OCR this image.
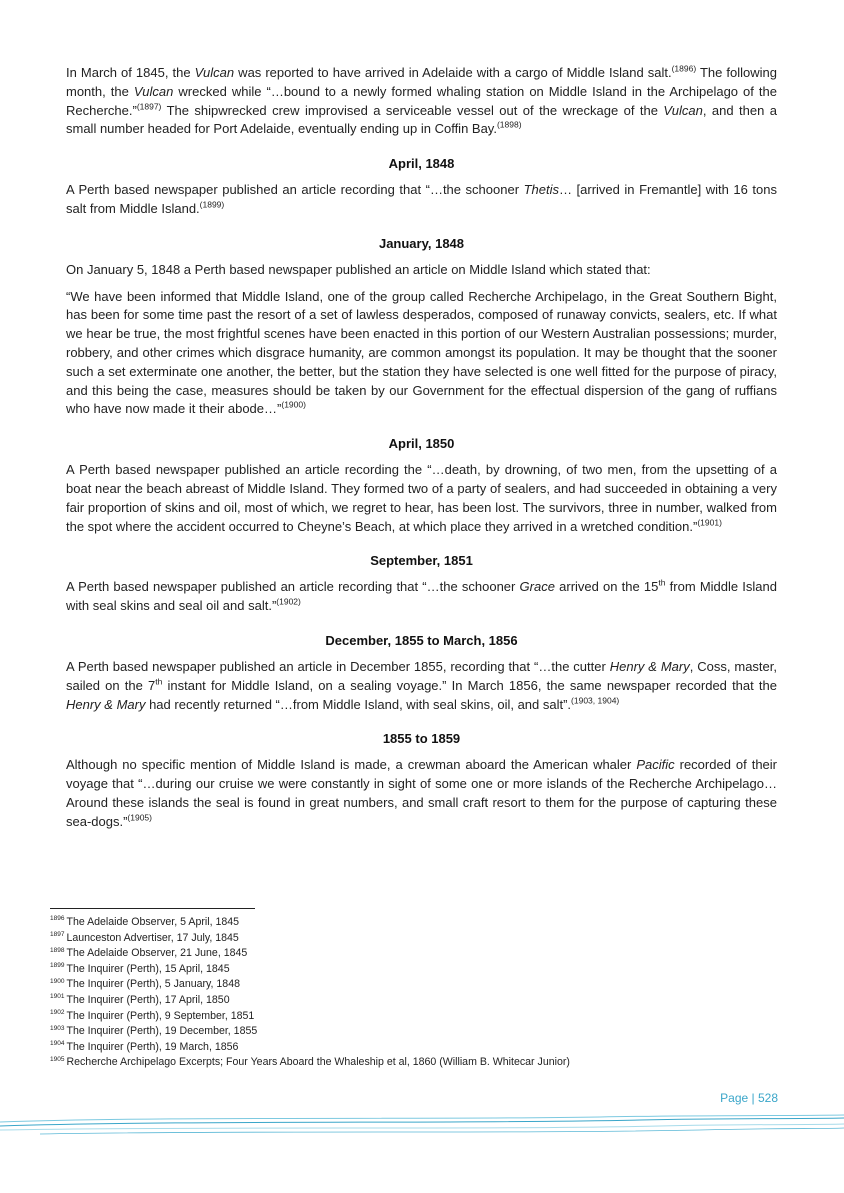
In March of 1845, the Vulcan was reported to have arrived in Adelaide with a cargo of Middle Island salt.$^{(1896)}$ The following month, the Vulcan wrecked while “…bound to a newly formed whaling station on Middle Island in the Archipelago of the Recherche.”$^{(1897)}$ The shipwrecked crew improvised a serviceable vessel out of the wreckage of the Vulcan, and then a small number headed for Port Adelaide, eventually ending up in Coffin Bay.$^{(1898)}$

April, 1848

A Perth based newspaper published an article recording that “…the schooner Thetis… [arrived in Fremantle] with 16 tons salt from Middle Island.$^{(1899)}$

January, 1848

On January 5, 1848 a Perth based newspaper published an article on Middle Island which stated that:

“We have been informed that Middle Island, one of the group called Recherche Archipelago, in the Great Southern Bight, has been for some time past the resort of a set of lawless desperados, composed of runaway convicts, sealers, etc. If what we hear be true, the most frightful scenes have been enacted in this portion of our Western Australian possessions; murder, robbery, and other crimes which disgrace humanity, are common amongst its population. It may be thought that the sooner such a set exterminate one another, the better, but the station they have selected is one well fitted for the purpose of piracy, and this being the case, measures should be taken by our Government for the effectual dispersion of the gang of ruffians who have now made it their abode…”$^{(1900)}$

April, 1850

A Perth based newspaper published an article recording the “…death, by drowning, of two men, from the upsetting of a boat near the beach abreast of Middle Island. They formed two of a party of sealers, and had succeeded in obtaining a very fair proportion of skins and oil, most of which, we regret to hear, has been lost. The survivors, three in number, walked from the spot where the accident occurred to Cheyne’s Beach, at which place they arrived in a wretched condition.”$^{(1901)}$

September, 1851

A Perth based newspaper published an article recording that “…the schooner Grace arrived on the 15th from Middle Island with seal skins and seal oil and salt.”$^{(1902)}$

December, 1855 to March, 1856

A Perth based newspaper published an article in December 1855, recording that “…the cutter Henry & Mary, Coss, master, sailed on the 7th instant for Middle Island, on a sealing voyage.” In March 1856, the same newspaper recorded that the Henry & Mary had recently returned “…from Middle Island, with seal skins, oil, and salt”.$^{(1903, 1904)}$

1855 to 1859

Although no specific mention of Middle Island is made, a crewman aboard the American whaler Pacific recorded of their voyage that “…during our cruise we were constantly in sight of some one or more islands of the Recherche Archipelago… Around these islands the seal is found in great numbers, and small craft resort to them for the purpose of capturing these sea-dogs.”$^{(1905)}$

$^{1896}$ The Adelaide Observer, 5 April, 1845
$^{1897}$ Launceston Advertiser, 17 July, 1845
$^{1898}$ The Adelaide Observer, 21 June, 1845
$^{1899}$ The Inquirer (Perth), 15 April, 1845
$^{1900}$ The Inquirer (Perth), 5 January, 1848
$^{1901}$ The Inquirer (Perth), 17 April, 1850
$^{1902}$ The Inquirer (Perth), 9 September, 1851
$^{1903}$ The Inquirer (Perth), 19 December, 1855
$^{1904}$ The Inquirer (Perth), 19 March, 1856
$^{1905}$ Recherche Archipelago Excerpts; Four Years Aboard the Whaleship et al, 1860 (William B. Whitecar Junior)
Page | 528
